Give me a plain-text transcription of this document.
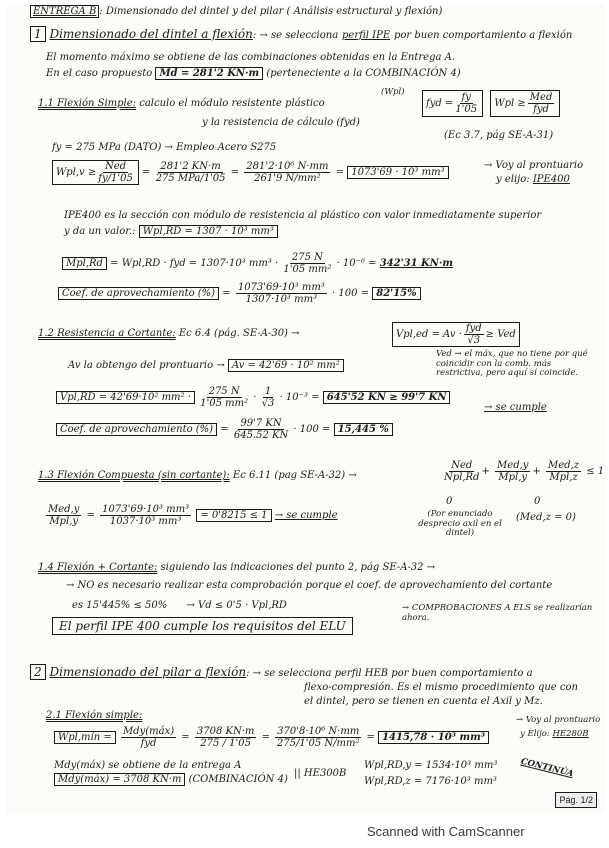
ENTREGA B : Dimensionado del dintel y del pilar ( Análisis estructural y flexión)
1 Dimensionado del dintel a flexión: → se selecciona perfil IPE por buen comportamiento a flexión
El momento máximo se obtiene de las combinaciones obtenidas en la Entrega A.
En el caso propuesto Md = 281'2 KN·m (perteneciente a la COMBINACIÓN 4)
1.1 Flexión Simple: calculo el módulo resistente plástico
(Wpl)
y la resistencia de cálculo (fyd)
fyd = $\frac{fy}{1'05}$ Wpl ≥ $\frac{\text{Med}}{\text{fyd}}$
(Ec 3.7, pág SE-A-31)
fy = 275 MPa (DATO) → Empleo Acero S275
$Wpl,v \ge \frac{\text{Ned}}{fy/1'05} = \frac{281'2 KN\cdot m}{\text{275 MPa/1'05}} = \frac{\text{281'2·10⁶ N·mm}}{\text{261'9 N/mm²}} = 1073'69 \cdot 10^3$ mm³
→ Voy al prontuario
y elijo: IPE400
IPE400 es la sección con módulo de resistencia al plástico con valor inmediatamente superior
y da un valor.: Wpl,RD = 1307 · 10³ mm³
Mpl,Rd = Wpl,RD · fyd = 1307·10³ $mm^3 \cdot \frac{275 N}{\text{1'05 mm²}} \cdot 10^{-6} = 342'31$ KN·m
Coef. de aprovechamiento (%) = $\frac{\text{1073'69·10³ mm³}}{\text{1307·10³ mm³}} \cdot 100 = 82'15\%$
1.2 Resistencia a Cortante: Ec 6.4 (pág. SE-A-30) →	$Vpl,ed = Av \cdot \frac{\text{fyd}}{√3}$ ≥ Ved
Av la obtengo del prontuario → Av = 42'69 · 10² mm²
Ved → el máx, que no tiene por qué coincidir con la comb. más restrictiva, pero aquí sí coincide.
Vpl,RD = 42'69·10² $mm^2 \cdot \frac{275 N}{\text{1'05 mm²}} \cdot \frac{1}{√3} \cdot 10^{-3} = 645'52$ KN ≥ 99'7 KN
→ se cumple
Coef. de aprovechamiento (%) = $\frac{99'7 KN}{645.52 KN} \cdot 100 = 15,445$ %
1.3 Flexión Compuesta (sin cortante): Ec 6.11 (pag SE-A-32) →	$\frac{\text{Ned}}{\text{Npl,Rd}} + \frac{\text{Med,y}}{\text{Mpl,y}} + \frac{\text{Med,z}}{\text{Mpl,z}} \le 1$
0
(Por enunciado desprecio axil en el dintel)
0
(Med,z = 0)
$\frac{\text{Med,y}}{\text{Mpl,y}} = \frac{\text{1073'69·10³ mm³}}{\text{1037·10³ mm³}} = 0'8215 \le 1$ → se cumple
1.4 Flexión + Cortante: siguiendo las indicaciones del punto 2, pág SE-A-32 →
→ NO es necesario realizar esta comprobación porque el coef. de aprovechamiento del cortante
es 15'445% ≤ 50% → Vd ≤ 0'5 · Vpl,RD
El perfil IPE 400 cumple los requisitos del ELU
→ COMPROBACIONES A ELS se realizarían ahora.
2 Dimensionado del pilar a flexión: → se selecciona perfil HEB por buen comportamiento a
flexo-compresión. Es el mismo procedimiento que con
el dintel, pero se tienen en cuenta el Axil y Mz.
2.1 Flexión simple:
Wpl,mín = $\frac{\text{Mdy(máx)}}{\text{fyd}} = \frac{3708 KN\cdot m}{275 / 1'05} = \frac{\text{370'8·10⁶ N·mm}}{\text{275/1'05 N/mm²}} = 1415,78 \cdot 10^3$ mm³
→ Voy al prontuario
y Elijo: HE280B
Mdy(máx) se obtiene de la entrega A
Mdy(máx) = 3708 KN·m (COMBINACIÓN 4)
|| HE300B
Wpl,RD,y = 1534·10³ mm³
Wpl,RD,z = 7176·10³ mm³
CONTINÚA
Pág. 1/2
Scanned with CamScanner
